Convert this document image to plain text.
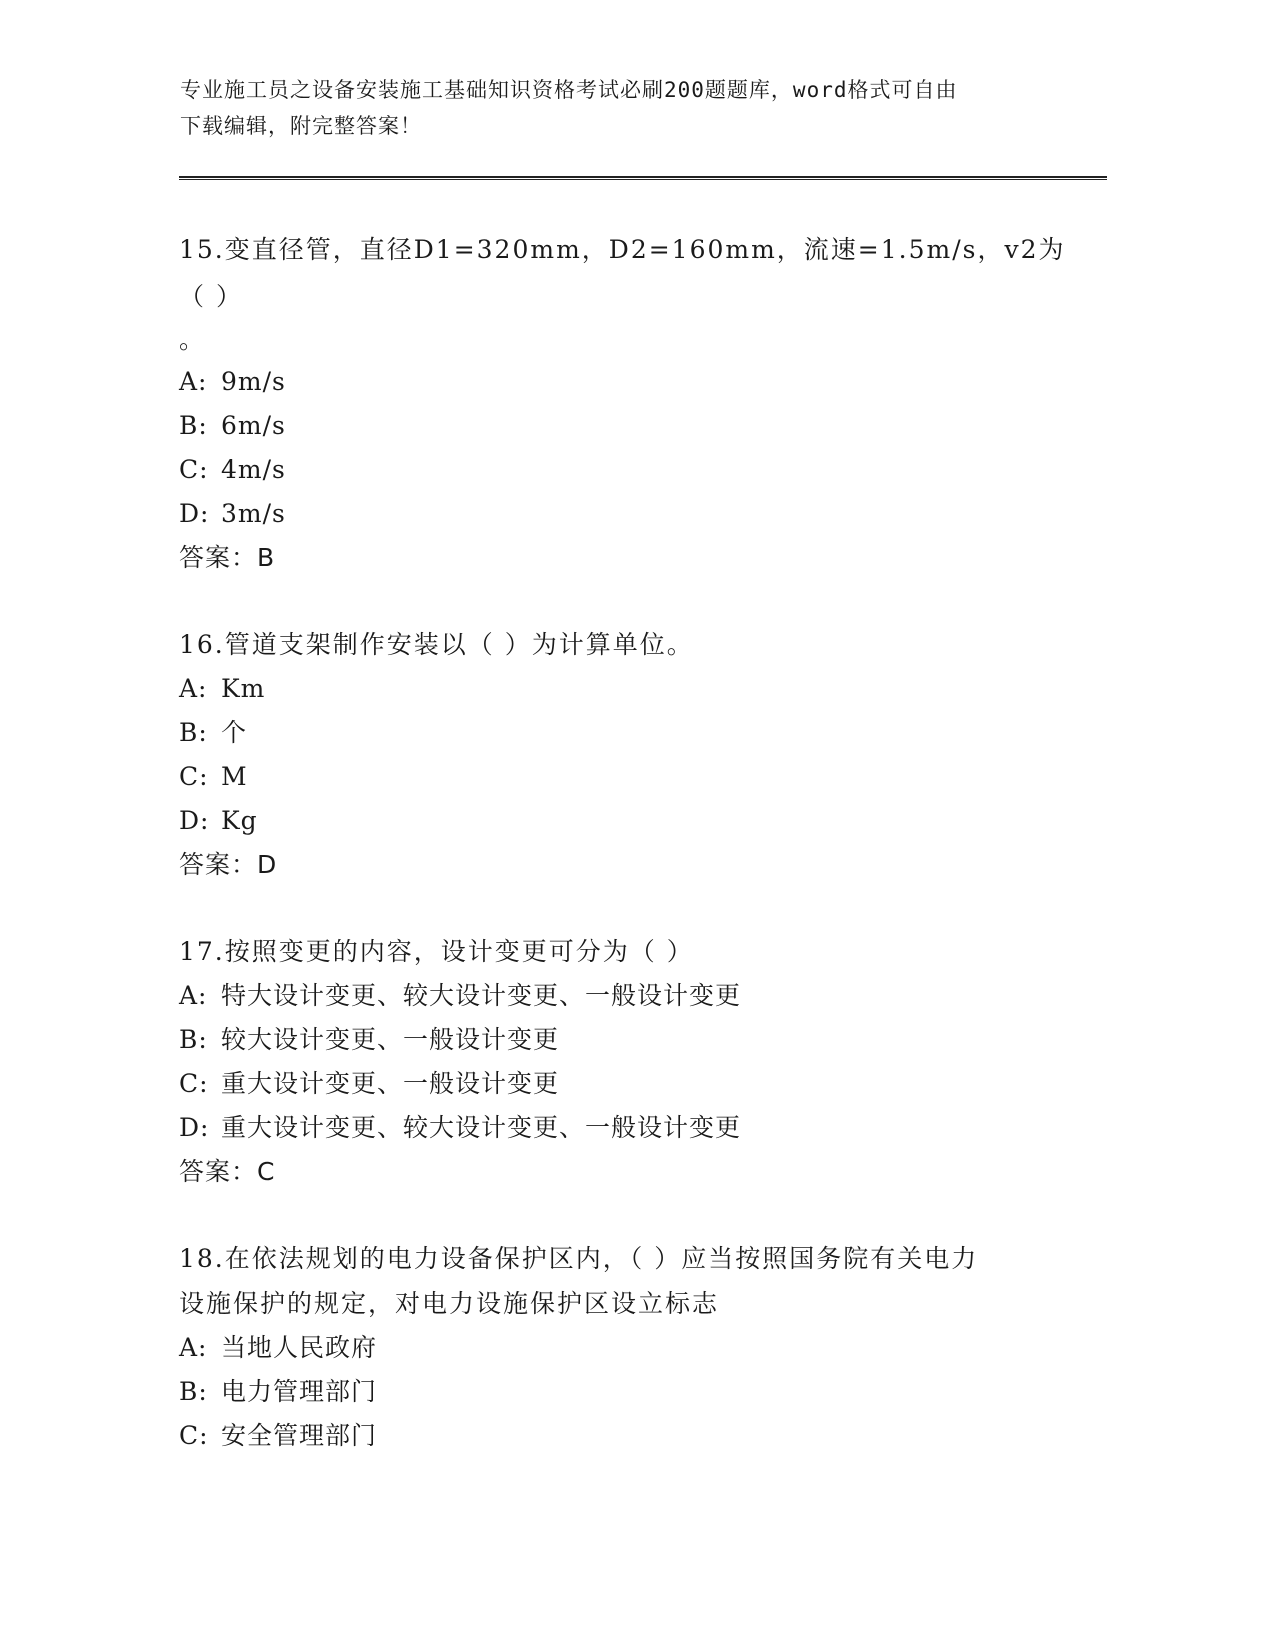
专业施工员之设备安装施工基础知识资格考试必刷200题题库，word格式可自由
下载编辑，附完整答案！

15.变直径管，直径D1=320mm，D2=160mm，流速=1.5m/s，v2为（ ）

。

A: 9m/s
B: 6m/s
C: 4m/s
D: 3m/s
答案：B

16.管道支架制作安装以（ ）为计算单位。

A: Km
B: 个
C: M
D: Kg
答案：D

17.按照变更的内容，设计变更可分为（ ）

A: 特大设计变更、较大设计变更、一般设计变更
B: 较大设计变更、一般设计变更
C: 重大设计变更、一般设计变更
D: 重大设计变更、较大设计变更、一般设计变更
答案：C

18.在依法规划的电力设备保护区内，（ ）应当按照国务院有关电力

设施保护的规定，对电力设施保护区设立标志

A: 当地人民政府
B: 电力管理部门
C: 安全管理部门
